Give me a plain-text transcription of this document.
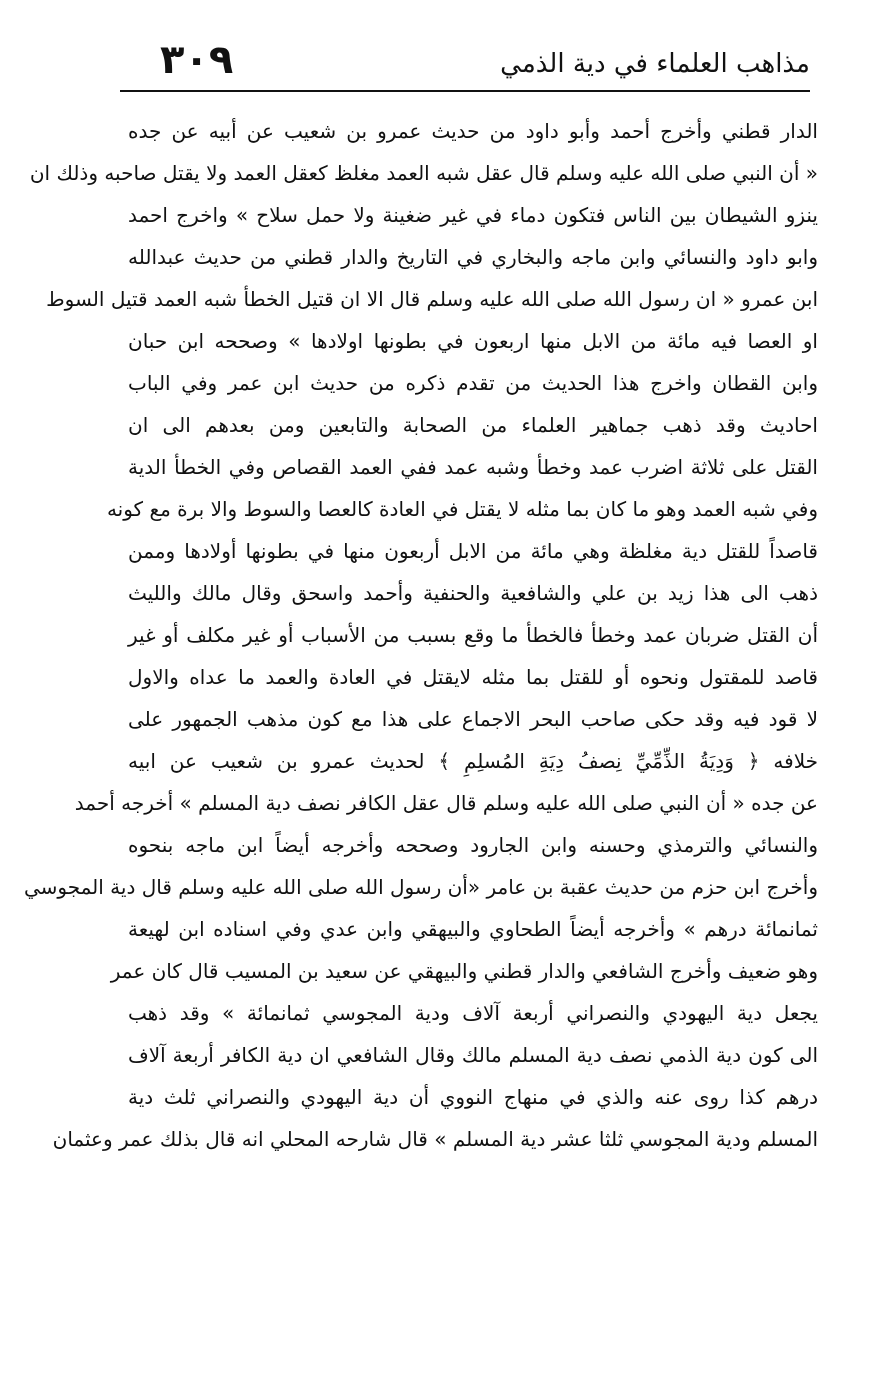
٣٠٩	مذاهب العلماء في دية الذمي
الدار قطني وأخرج أحمد وأبو داود من حديث عمرو بن شعيب عن أبيه عن جده
« أن النبي صلى الله عليه وسلم قال عقل شبه العمد مغلظ كعقل العمد ولا يقتل صاحبه وذلك ان
ينزو الشيطان بين الناس فتكون دماء في غير ضغينة ولا حمل سلاح » واخرج احمد
وابو داود والنسائي وابن ماجه والبخاري في التاريخ والدار قطني من حديث عبدالله
ابن عمرو « ان رسول الله صلى الله عليه وسلم قال الا ان قتيل الخطأ شبه العمد قتيل السوط
او العصا فيه مائة من الابل منها اربعون في بطونها اولادها » وصححه ابن حبان
وابن القطان واخرج هذا الحديث من تقدم ذكره من حديث ابن عمر وفي الباب
احاديث وقد ذهب جماهير العلماء من الصحابة والتابعين ومن بعدهم الى ان
القتل على ثلاثة اضرب عمد وخطأ وشبه عمد ففي العمد القصاص وفي الخطأ الدية
وفي شبه العمد وهو ما كان بما مثله لا يقتل في العادة كالعصا والسوط والا برة مع كونه
قاصداً للقتل دية مغلظة وهي مائة من الابل أربعون منها في بطونها أولادها وممن
ذهب الى هذا زيد بن علي والشافعية والحنفية وأحمد واسحق وقال مالك والليث
أن القتل ضربان عمد وخطأ فالخطأ ما وقع بسبب من الأسباب أو غير مكلف أو غير
قاصد للمقتول ونحوه أو للقتل بما مثله لايقتل في العادة والعمد ما عداه والاول
لا قود فيه وقد حكى صاحب البحر الاجماع على هذا مع كون مذهب الجمهور على
خلافه ﴿ وَدِيَةُ الذِّمِّيِّ نِصفُ دِيَةِ المُسلِمِ ﴾ لحديث عمرو بن شعيب عن ابيه
عن جده « أن النبي صلى الله عليه وسلم قال عقل الكافر نصف دية المسلم » أخرجه أحمد
والنسائي والترمذي وحسنه وابن الجارود وصححه وأخرجه أيضاً ابن ماجه بنحوه
وأخرج ابن حزم من حديث عقبة بن عامر «أن رسول الله صلى الله عليه وسلم قال دية المجوسي
ثمانمائة درهم » وأخرجه أيضاً الطحاوي والبيهقي وابن عدي وفي اسناده ابن لهيعة
وهو ضعيف وأخرج الشافعي والدار قطني والبيهقي عن سعيد بن المسيب قال كان عمر
يجعل دية اليهودي والنصراني أربعة آلاف ودية المجوسي ثمانمائة » وقد ذهب
الى كون دية الذمي نصف دية المسلم مالك وقال الشافعي ان دية الكافر أربعة آلاف
درهم كذا روى عنه والذي في منهاج النووي أن دية اليهودي والنصراني ثلث دية
المسلم ودية المجوسي ثلثا عشر دية المسلم » قال شارحه المحلي انه قال بذلك عمر وعثمان
